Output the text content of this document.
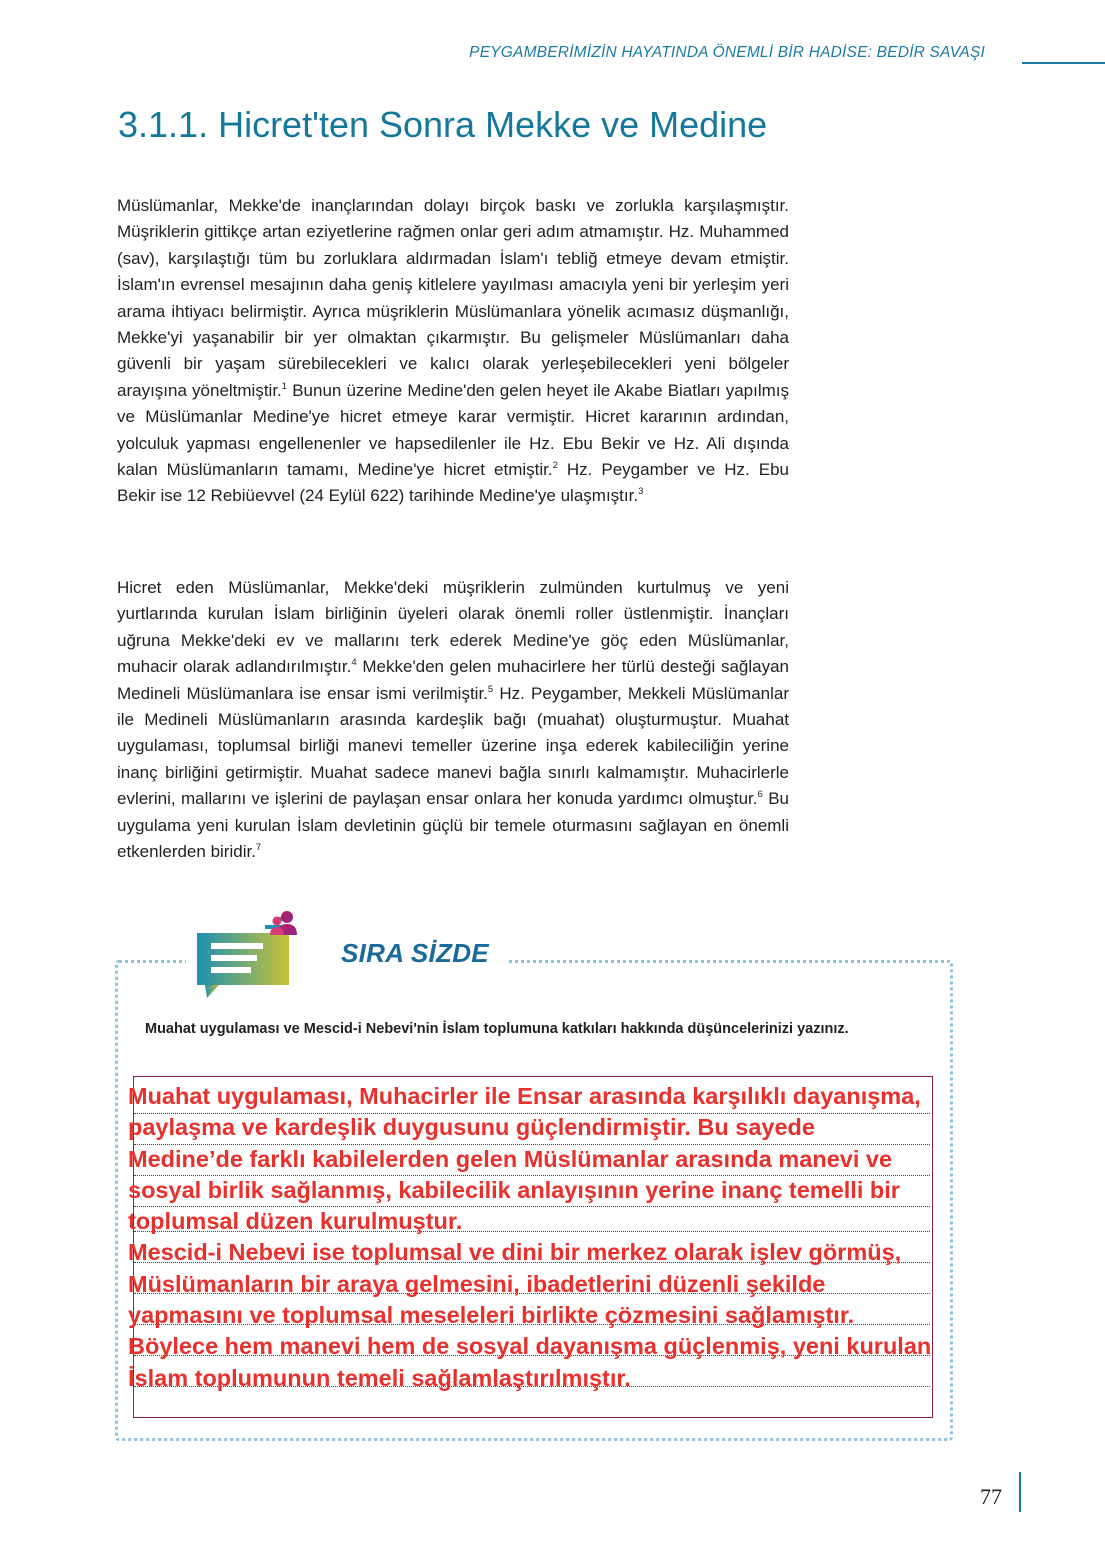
PEYGAMBERİMİZİN HAYATINDA ÖNEMLİ BİR HADİSE: BEDİR SAVAŞI
3.1.1. Hicret'ten Sonra Mekke ve Medine

Müslümanlar, Mekke'de inançlarından dolayı birçok baskı ve zorlukla karşılaşmıştır. Müşriklerin gittikçe artan eziyetlerine rağmen onlar geri adım atmamıştır. Hz. Muhammed (sav), karşılaştığı tüm bu zorluklara aldırmadan İslam'ı tebliğ etmeye devam etmiştir. İslam'ın evrensel mesajının daha geniş kitlelere yayılması amacıyla yeni bir yerleşim yeri arama ihtiyacı belirmiştir. Ayrıca müşriklerin Müslümanlara yönelik acımasız düşmanlığı, Mekke'yi yaşanabilir bir yer olmaktan çıkarmıştır. Bu gelişmeler Müslümanları daha güvenli bir yaşam sürebilecekleri ve kalıcı olarak yerleşebilecekleri yeni bölgeler arayışına yöneltmiştir.$^1$ Bunun üzerine Medine'den gelen heyet ile Akabe Biatları yapılmış ve Müslümanlar Medine'ye hicret etmeye karar vermiştir. Hicret kararının ardından, yolculuk yapması engellenenler ve hapsedilenler ile Hz. Ebu Bekir ve Hz. Ali dışında kalan Müslümanların tamamı, Medine'ye hicret etmiştir.$^2$ Hz. Peygamber ve Hz. Ebu Bekir ise 12 Rebiüevvel (24 Eylül 622) tarihinde Medine'ye ulaşmıştır.$^3$

Hicret eden Müslümanlar, Mekke'deki müşriklerin zulmünden kurtulmuş ve yeni yurtlarında kurulan İslam birliğinin üyeleri olarak önemli roller üstlenmiştir. İnançları uğruna Mekke'deki ev ve mallarını terk ederek Medine'ye göç eden Müslümanlar, muhacir olarak adlandırılmıştır.$^4$ Mekke'den gelen muhacirlere her türlü desteği sağlayan Medineli Müslümanlara ise ensar ismi verilmiştir.$^5$ Hz. Peygamber, Mekkeli Müslümanlar ile Medineli Müslümanların arasında kardeşlik bağı (muahat) oluşturmuştur. Muahat uygulaması, toplumsal birliği manevi temeller üzerine inşa ederek kabileciliğin yerine inanç birliğini getirmiştir. Muahat sadece manevi bağla sınırlı kalmamıştır. Muhacirlerle evlerini, mallarını ve işlerini de paylaşan ensar onlara her konuda yardımcı olmuştur.$^6$ Bu uygulama yeni kurulan İslam devletinin güçlü bir temele oturmasını sağlayan en önemli etkenlerden biridir.$^7$

SIRA SİZDE

Muahat uygulaması ve Mescid-i Nebevi'nin İslam toplumuna katkıları hakkında düşüncelerinizi yazınız.

Muahat uygulaması, Muhacirler ile Ensar arasında karşılıklı dayanışma,
paylaşma ve kardeşlik duygusunu güçlendirmiştir. Bu sayede
Medine’de farklı kabilelerden gelen Müslümanlar arasında manevi ve
sosyal birlik sağlanmış, kabilecilik anlayışının yerine inanç temelli bir
toplumsal düzen kurulmuştur.
Mescid-i Nebevi ise toplumsal ve dini bir merkez olarak işlev görmüş,
Müslümanların bir araya gelmesini, ibadetlerini düzenli şekilde
yapmasını ve toplumsal meseleleri birlikte çözmesini sağlamıştır.
Böylece hem manevi hem de sosyal dayanışma güçlenmiş, yeni kurulan
İslam toplumunun temeli sağlamlaştırılmıştır.
77
